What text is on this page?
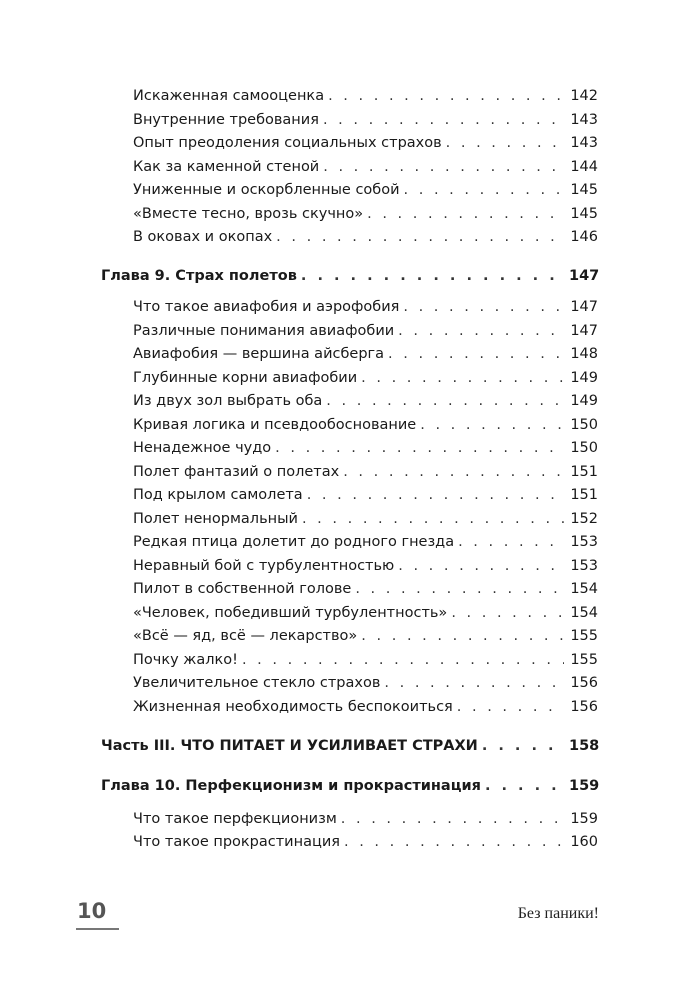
Искаженная самооценка . . .	142
Внутренние требования . . .	143
Опыт преодоления социальных страхов . . .	143
Как за каменной стеной . . .	144
Униженные и оскорбленные собой . . .	145
«Вместе тесно, врозь скучно» . . .	145
В оковах и окопах . . .	146
Глава 9. Страх полетов . . .	147
Что такое авиафобия и аэрофобия . . .	147
Различные понимания авиафобии . . .	147
Авиафобия — вершина айсберга . . .	148
Глубинные корни авиафобии . . .	149
Из двух зол выбрать оба . . .	149
Кривая логика и псевдообоснование . . .	150
Ненадежное чудо . . .	150
Полет фантазий о полетах . . .	151
Под крылом самолета . . .	151
Полет ненормальный . . .	152
Редкая птица долетит до родного гнезда . . .	153
Неравный бой с турбулентностью . . .	153
Пилот в собственной голове . . .	154
«Человек, победивший турбулентность» . . .	154
«Всё — яд, всё — лекарство» . . .	155
Почку жалко! . . .	155
Увеличительное стекло страхов . . .	156
Жизненная необходимость беспокоиться . . .	156
Часть III. ЧТО ПИТАЕТ И УСИЛИВАЕТ СТРАХИ . . .	158
Глава 10. Перфекционизм и прокрастинация . . .	159
Что такое перфекционизм . . .	159
Что такое прокрастинация . . .	160
10	Без паники!
